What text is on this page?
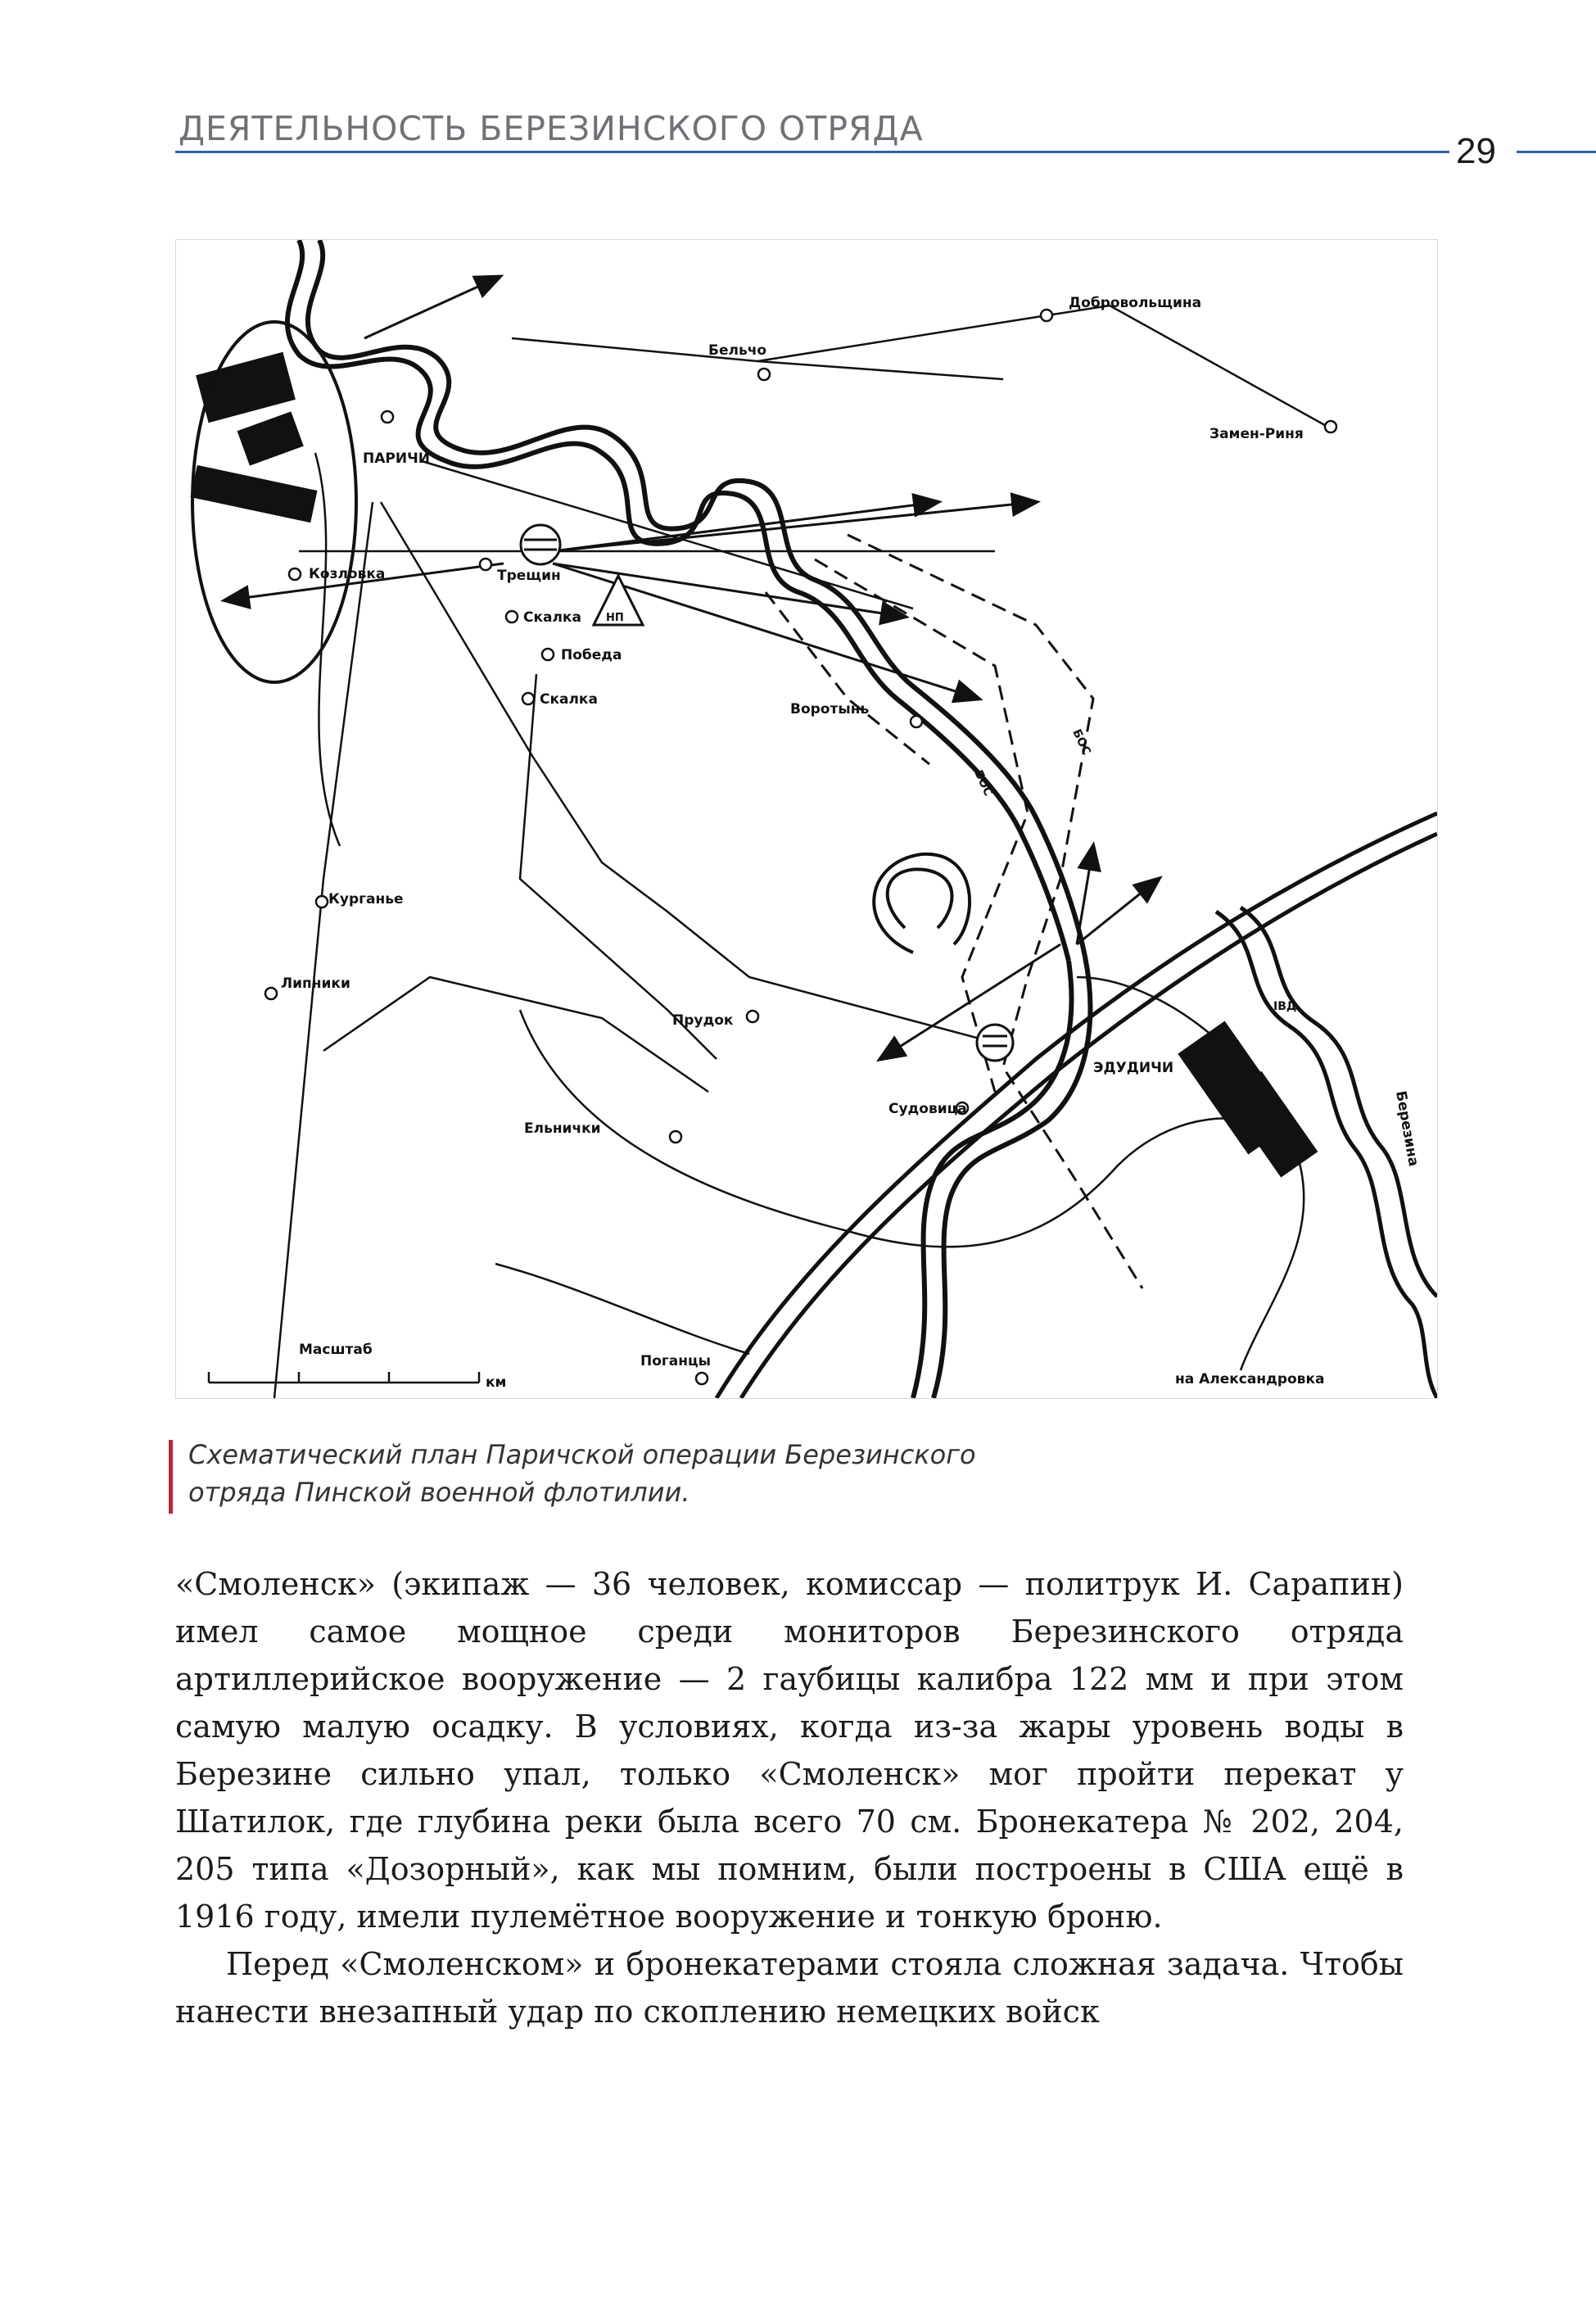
ДЕЯТЕЛЬНОСТЬ БЕРЕЗИНСКОГО ОТРЯДА
29
ПАРИЧИ
Бельчо
Добровольщина
Замен-Риня
Козловка	Трещин
Скалка
Победа
Скалка
Воротынь
Курганье
Липники
Прудок
ЭДУДИЧИ
Судовица
Ельнички
Поганцы
на Александровка
Березина
Масштаб
км
НП
БОС
БОС
ІВД
Схематический план Паричской операции Березинского
отряда Пинской военной флотилии.

«Смоленск» (экипаж — 36 человек, комиссар — политрук И. Сарапин) имел самое мощное среди мониторов Березинского отряда артиллерийское вооружение — 2 гаубицы калибра 122 мм и при этом самую малую осадку. В условиях, когда из-за жары уровень воды в Березине сильно упал, только «Смоленск» мог пройти перекат у Шатилок, где глубина реки была всего 70 см. Бронекатера № 202, 204, 205 типа «Дозорный», как мы помним, были построены в США ещё в 1916 году, имели пулемётное вооружение и тонкую броню.

Перед «Смоленском» и бронекатерами стояла сложная задача. Чтобы нанести внезапный удар по скоплению немецких войск
